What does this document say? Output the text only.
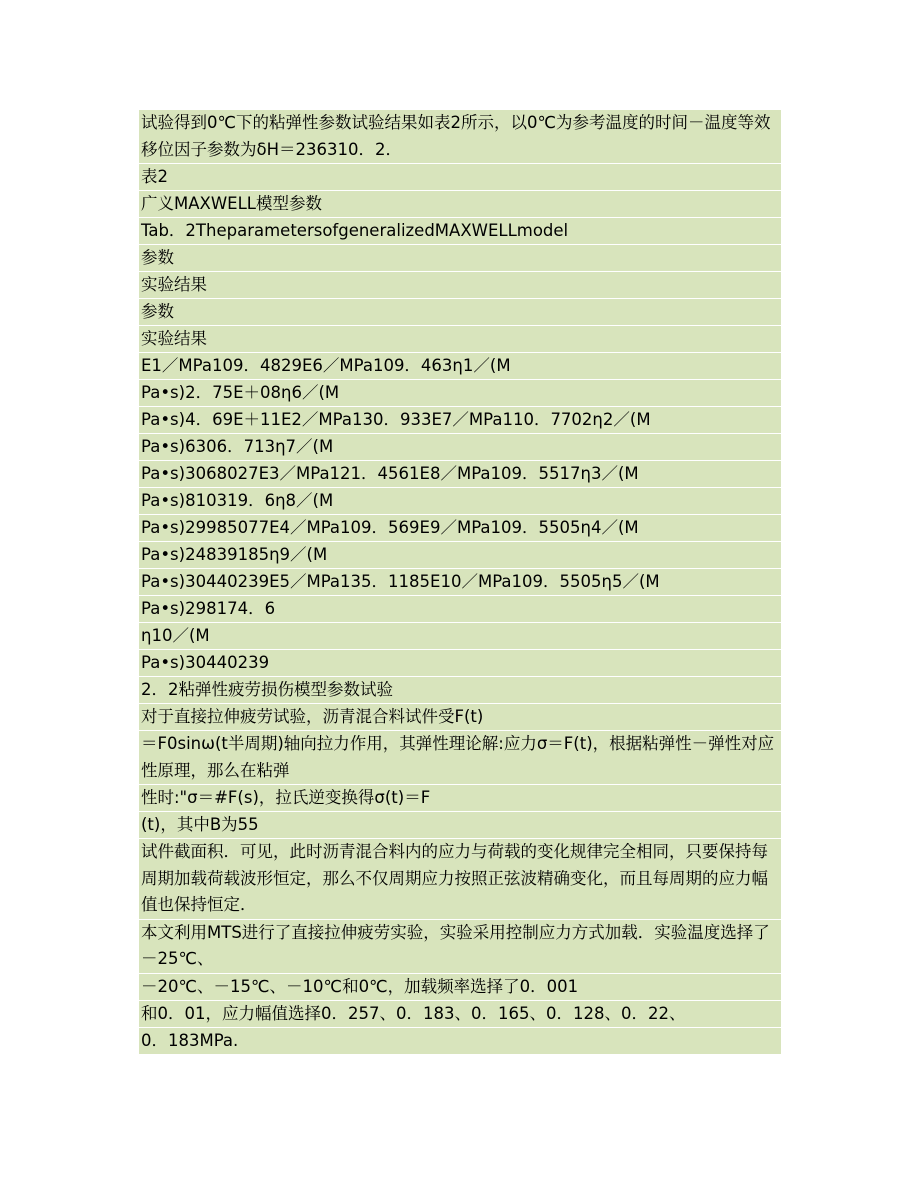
试验得到0℃下的粘弹性参数试验结果如表2所示，以0℃为参考温度的时间－温度等效移位因子参数为δH＝236310．2．
表2
广义MAXWELL模型参数
Tab．2TheparametersofgeneralizedMAXWELLmodel
参数
实验结果
参数
实验结果
E1／MPa109．4829E6／MPa109．463η1／(M
Pa•s)2．75E＋08η6／(M
Pa•s)4．69E＋11E2／MPa130．933E7／MPa110．7702η2／(M
Pa•s)6306．713η7／(M
Pa•s)3068027E3／MPa121．4561E8／MPa109．5517η3／(M
Pa•s)810319．6η8／(M
Pa•s)29985077E4／MPa109．569E9／MPa109．5505η4／(M
Pa•s)24839185η9／(M
Pa•s)30440239E5／MPa135．1185E10／MPa109．5505η5／(M
Pa•s)298174．6
η10／(M
Pa•s)30440239
2．2粘弹性疲劳损伤模型参数试验
对于直接拉伸疲劳试验，沥青混合料试件受F(t)
＝F0sinω(t半周期)轴向拉力作用，其弹性理论解:应力σ＝F(t)，根据粘弹性－弹性对应性原理，那么在粘弹
性时:"σ＝#F(s)，拉氏逆变换得σ(t)＝F
(t)，其中B为55
试件截面积．可见，此时沥青混合料内的应力与荷载的变化规律完全相同，只要保持每周期加载荷载波形恒定，那么不仅周期应力按照正弦波精确变化，而且每周期的应力幅值也保持恒定．
本文利用MTS进行了直接拉伸疲劳实验，实验采用控制应力方式加载．实验温度选择了－25℃、
－20℃、－15℃、－10℃和0℃，加载频率选择了0．001
和0．01，应力幅值选择0．257、0．183、0．165、0．128、0．22、
0．183MPa.
